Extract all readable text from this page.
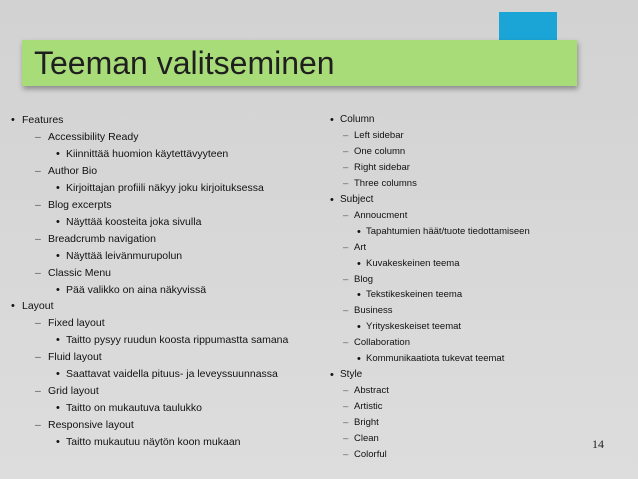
Teeman valitseminen
• Features
– Accessibility Ready
• Kiinnittää huomion käytettävyyteen
– Author Bio
• Kirjoittajan profiili näkyy joku kirjoituksessa
– Blog excerpts
• Näyttää koosteita joka sivulla
– Breadcrumb navigation
• Näyttää leivänmurupolun
– Classic Menu
• Pää valikko on aina näkyvissä
• Layout
– Fixed layout
• Taitto pysyy ruudun koosta rippumastta samana
– Fluid layout
• Saattavat vaidella pituus- ja leveyssuunnassa
– Grid layout
• Taitto on mukautuva taulukko
– Responsive layout
• Taitto mukautuu näytön koon mukaan
• Column
– Left sidebar
– One column
– Right sidebar
– Three columns
• Subject
– Annoucment
• Tapahtumien häät/tuote tiedottamiseen
– Art
• Kuvakeskeinen teema
– Blog
• Tekstikeskeinen teema
– Business
• Yrityskeskeiset teemat
– Collaboration
• Kommunikaatiota tukevat teemat
• Style
– Abstract
– Artistic
– Bright
– Clean
– Colorful
14
